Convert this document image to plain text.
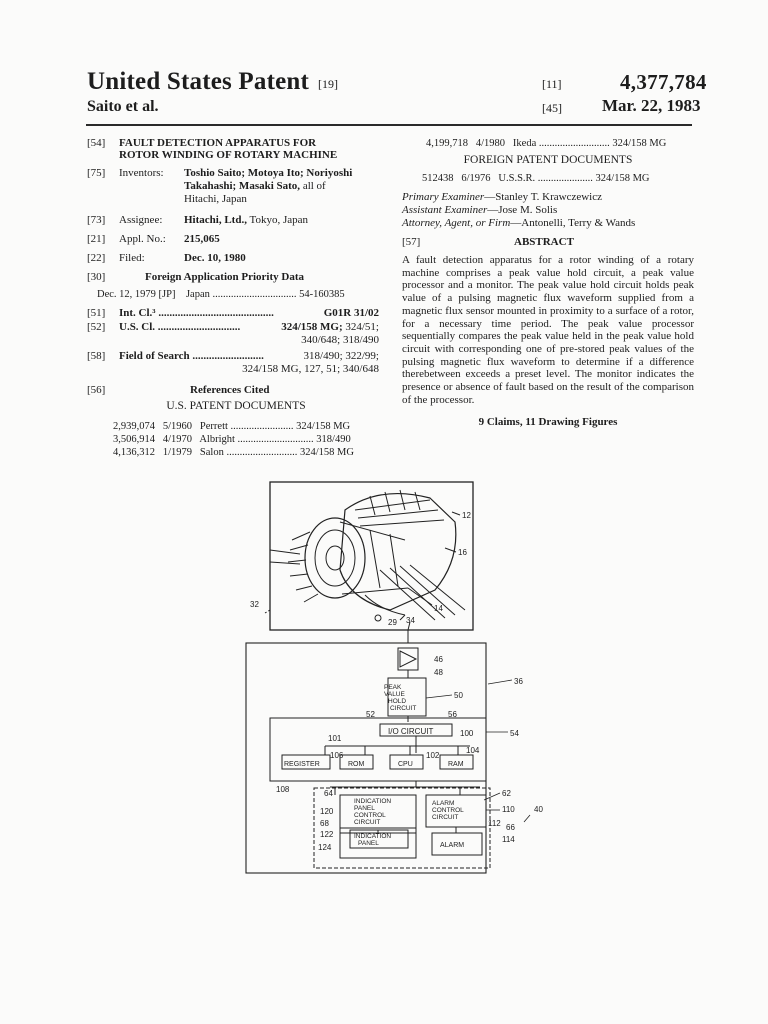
United States Patent [19]
Saito et al.
[11]	4,377,784
[45] Mar. 22, 1983
[54] FAULT DETECTION APPARATUS FOR
ROTOR WINDING OF ROTARY MACHINE
[75] Inventors: Toshio Saito; Motoya Ito; Noriyoshi
Takahashi; Masaki Sato, all of
Hitachi, Japan
[73] Assignee: Hitachi, Ltd., Tokyo, Japan
[21] Appl. No.: 215,065
[22] Filed:	Dec. 10, 1980
[30]	Foreign Application Priority Data
Dec. 12, 1979 [JP]    Japan ................................ 54-160385
[51] Int. Cl.³ ..........................................	G01R 31/02
[52] U.S. Cl. ..............................	324/158 MG; 324/51;
340/648; 318/490
[58] Field of Search ..........................	318/490; 322/99;
324/158 MG, 127, 51; 340/648
[56]	References Cited
U.S. PATENT DOCUMENTS
2,939,074   5/1960   Perrett ........................ 324/158 MG
3,506,914   4/1970   Albright ............................. 318/490
4,136,312   1/1979   Salon ........................... 324/158 MG
4,199,718   4/1980   Ikeda ........................... 324/158 MG
FOREIGN PATENT DOCUMENTS
512438   6/1976   U.S.S.R. ..................... 324/158 MG
Primary Examiner—Stanley T. Krawczewicz
Assistant Examiner—Jose M. Solis
Attorney, Agent, or Firm—Antonelli, Terry & Wands
[57]	ABSTRACT
A fault detection apparatus for a rotor winding of a rotary machine comprises a peak value hold circuit, a peak value processor and a monitor. The peak value hold circuit holds peak value of a pulsing magnetic flux waveform supplied from a magnetic flux sensor mounted in proximity to a surface of a rotor, for a necessary time period. The peak value processor sequentially compares the peak value held in the peak value hold circuit with corresponding one of pre-stored peak values of the pulsing magnetic flux waveform to determine if a difference therebetween exceeds a preset level. The monitor indicates the presence or absence of fault based on the result of the comparison of the processor.
9 Claims, 11 Drawing Figures
PEAK
VALUE
HOLD
CIRCUIT
I/O CIRCUIT
REGISTER	ROM	CPU	RAM
INDICATION
PANEL
CONTROL
CIRCUIT
ALARM
CONTROL
CIRCUIT
INDICATION
PANEL	ALARM
12
16
14
29 34
32
46
48
50
36
52	56
101
100	54
106	102
104
108	64	62
110 40
120
68	112 66
122
114
124
